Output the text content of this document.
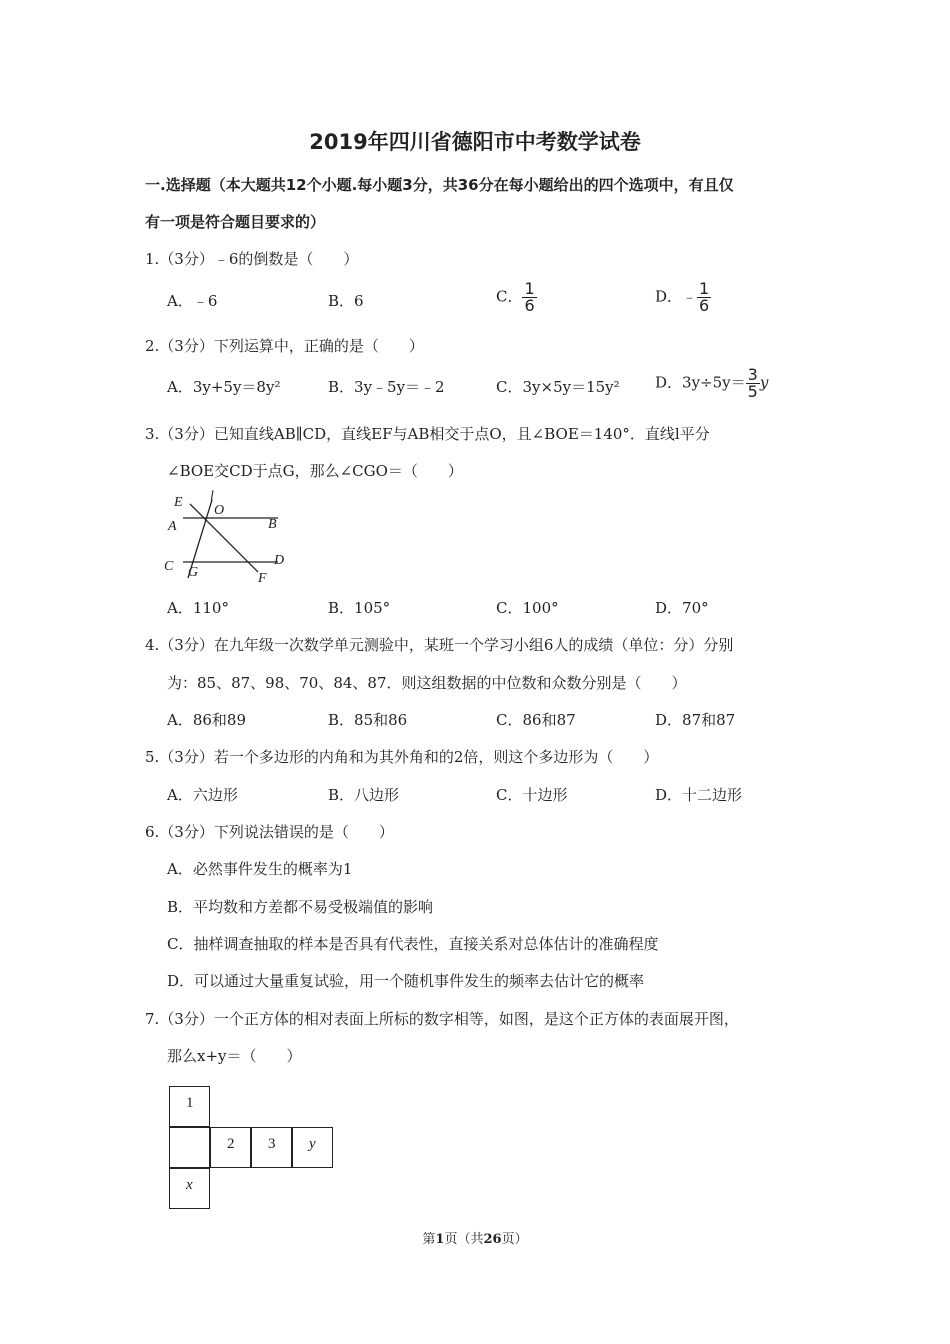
2019年四川省德阳市中考数学试卷
一.选择题（本大题共12个小题.每小题3分，共36分在每小题给出的四个选项中，有且仅
有一项是符合题目要求的）
1.（3分）﹣6的倒数是（　　）
A．﹣6	B．6	C． $\frac{1}{6}$	D．﹣ $\frac{1}{6}$
2.（3分）下列运算中，正确的是（　　）
A．3y+5y＝8y²	B．3y﹣5y＝﹣2	C．3y×5y＝15y² D．$3y\div 5y= \frac{3}{5}$ y
3.（3分）已知直线AB∥CD，直线EF与AB相交于点O，且∠BOE＝140°．直线l平分
∠BOE交CD于点G，那么∠CGO＝（　　）
E l
O
A	B
C G
D
F
A．110°	B．105°	C．100°	D．70°
4.（3分）在九年级一次数学单元测验中，某班一个学习小组6人的成绩（单位：分）分别
为：85、87、98、70、84、87．则这组数据的中位数和众数分别是（　　）
A．86和89	B．85和86	C．86和87	D．87和87
5.（3分）若一个多边形的内角和为其外角和的2倍，则这个多边形为（　　）
A．六边形	B．八边形	C．十边形	D．十二边形
6.（3分）下列说法错误的是（　　）
A．必然事件发生的概率为1
B．平均数和方差都不易受极端值的影响
C．抽样调查抽取的样本是否具有代表性，直接关系对总体估计的准确程度
D．可以通过大量重复试验，用一个随机事件发生的频率去估计它的概率
7.（3分）一个正方体的相对表面上所标的数字相等，如图，是这个正方体的表面展开图，
那么x+y＝（　　）
1
2	3	y
x
第1页（共26页）
